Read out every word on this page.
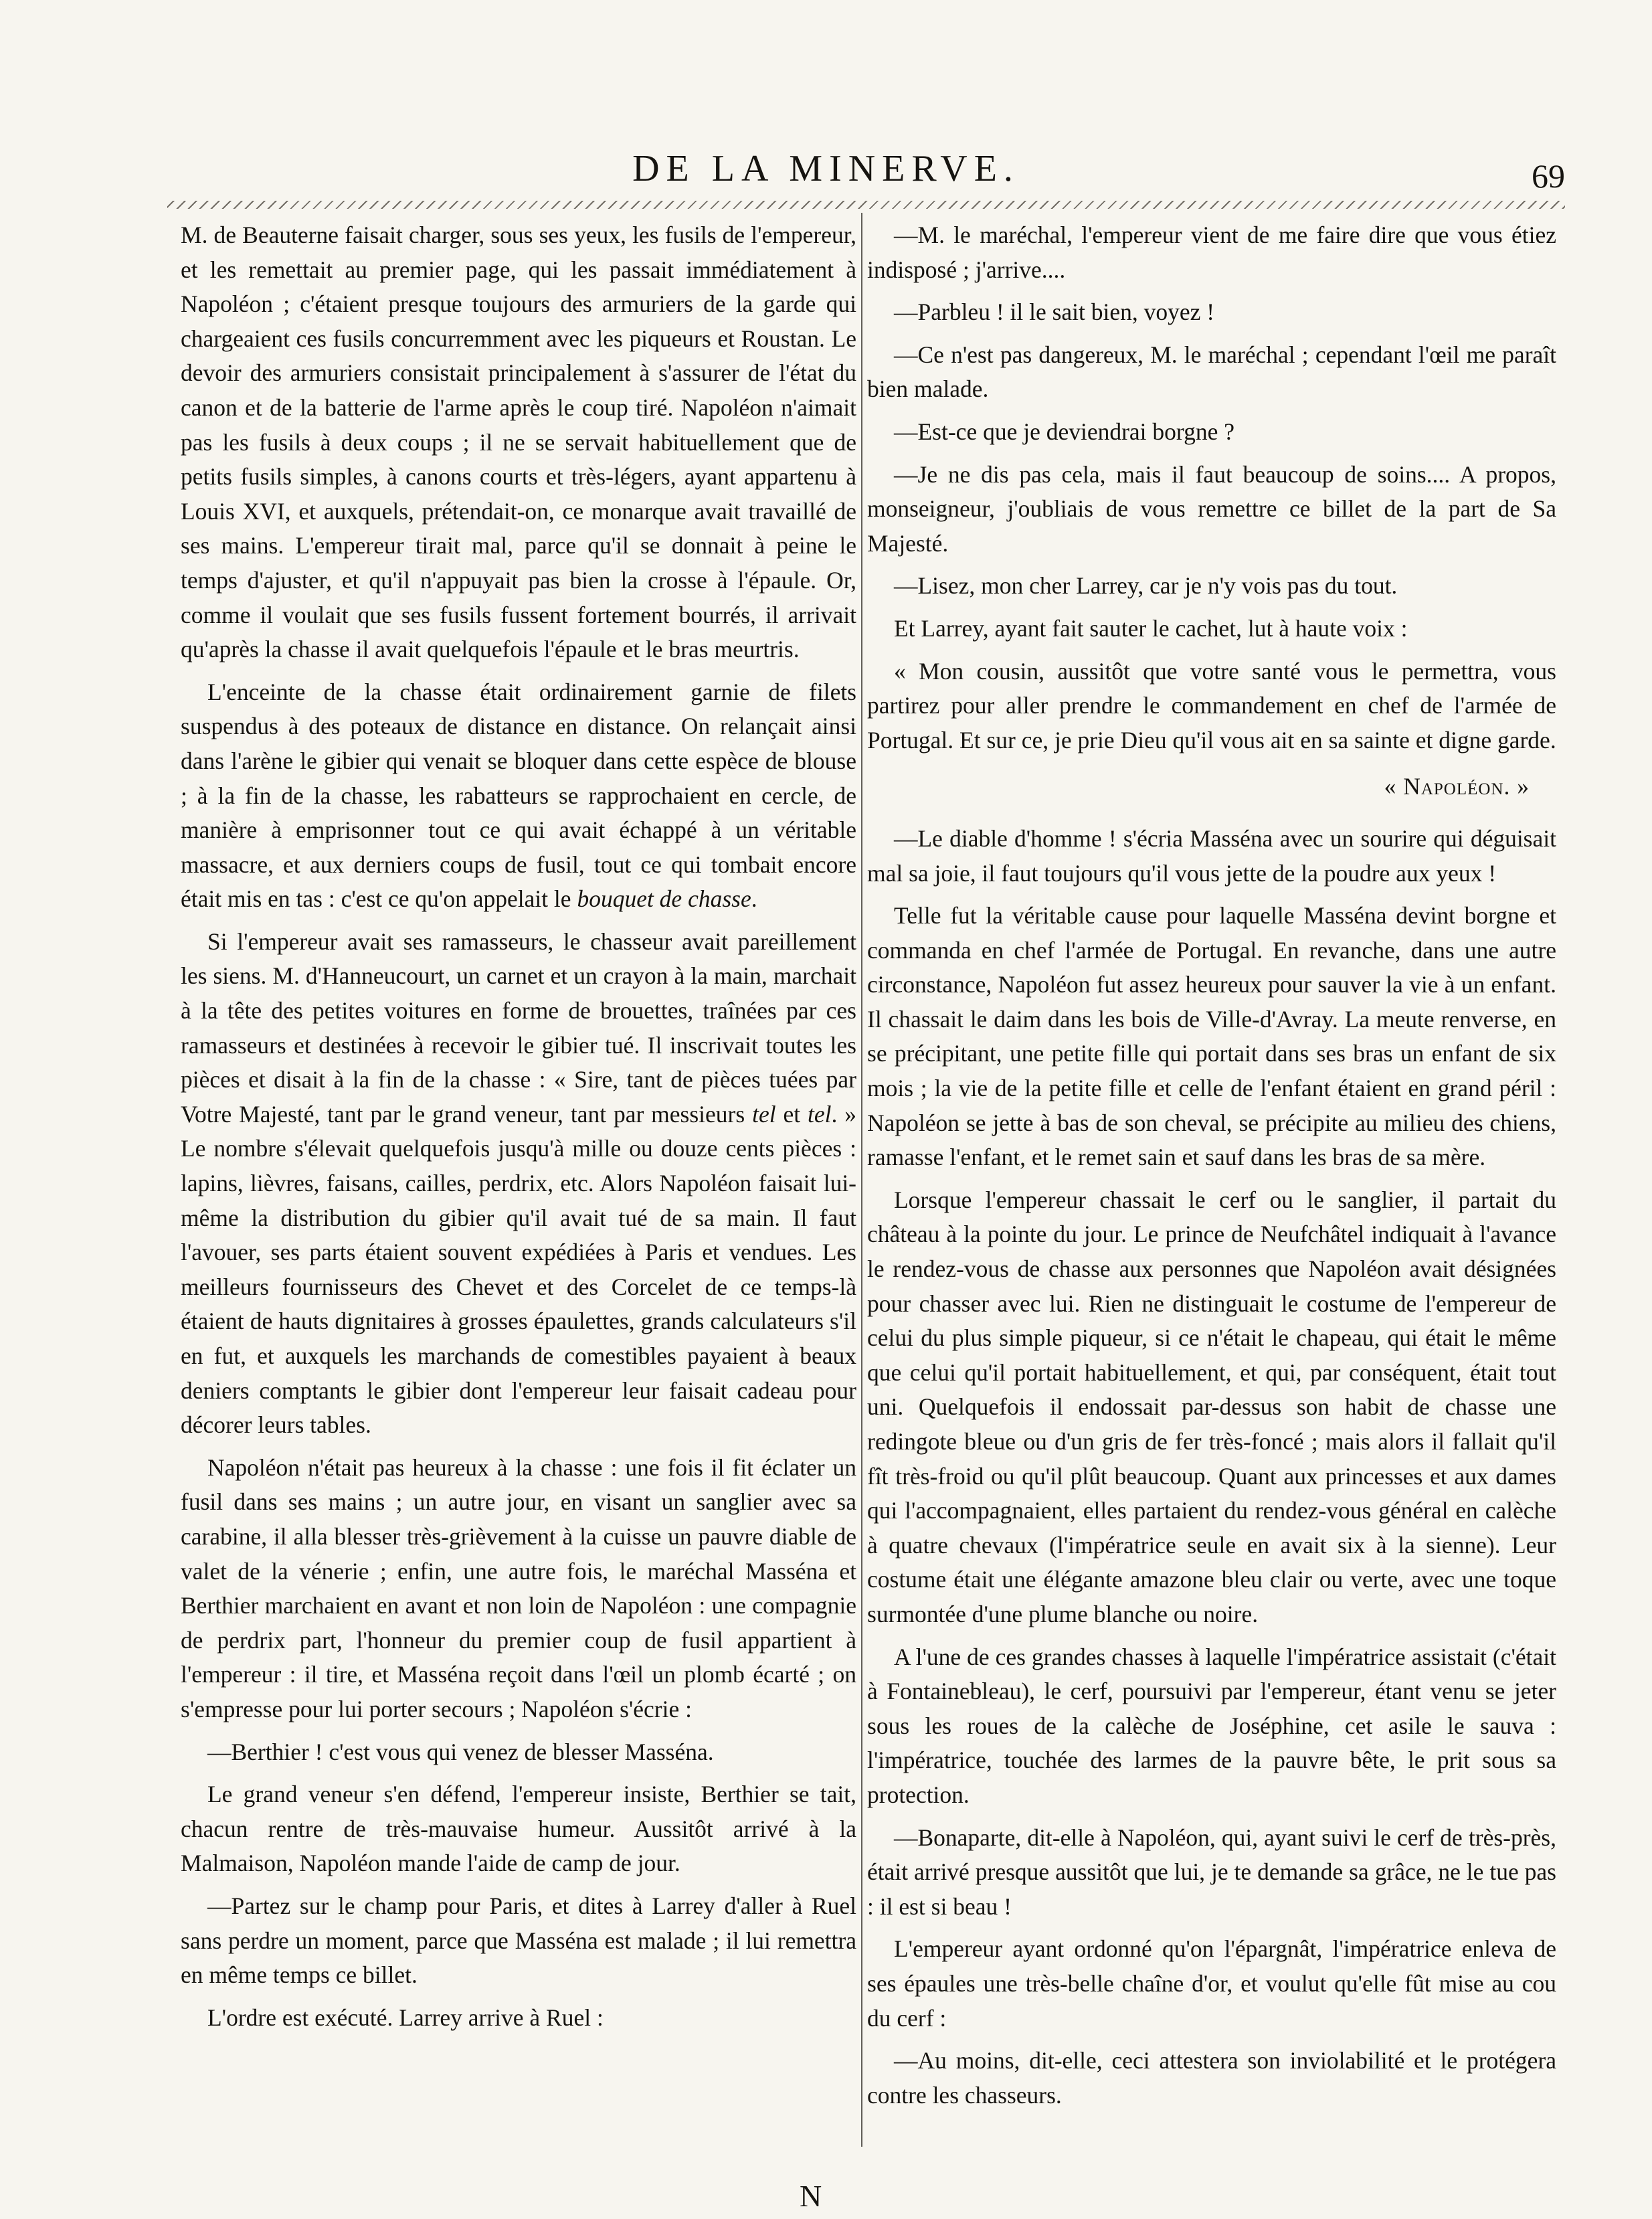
DE LA MINERVE.	69

M. de Beauterne faisait charger, sous ses yeux, les fusils de l'empereur, et les remettait au premier page, qui les passait immédiatement à Napoléon ; c'étaient presque toujours des armuriers de la garde qui chargeaient ces fusils concurremment avec les piqueurs et Roustan. Le devoir des armuriers consistait principalement à s'assurer de l'état du canon et de la batterie de l'arme après le coup tiré. Napoléon n'aimait pas les fusils à deux coups ; il ne se servait habituellement que de petits fusils simples, à canons courts et très-légers, ayant appartenu à Louis XVI, et auxquels, prétendait-on, ce monarque avait travaillé de ses mains. L'empereur tirait mal, parce qu'il se donnait à peine le temps d'ajuster, et qu'il n'appuyait pas bien la crosse à l'épaule. Or, comme il voulait que ses fusils fussent fortement bourrés, il arrivait qu'après la chasse il avait quelquefois l'épaule et le bras meurtris.

L'enceinte de la chasse était ordinairement garnie de filets suspendus à des poteaux de distance en distance. On relançait ainsi dans l'arène le gibier qui venait se bloquer dans cette espèce de blouse ; à la fin de la chasse, les rabatteurs se rapprochaient en cercle, de manière à emprisonner tout ce qui avait échappé à un véritable massacre, et aux derniers coups de fusil, tout ce qui tombait encore était mis en tas : c'est ce qu'on appelait le bouquet de chasse.

Si l'empereur avait ses ramasseurs, le chasseur avait pareillement les siens. M. d'Hanneucourt, un carnet et un crayon à la main, marchait à la tête des petites voitures en forme de brouettes, traînées par ces ramasseurs et destinées à recevoir le gibier tué. Il inscrivait toutes les pièces et disait à la fin de la chasse : « Sire, tant de pièces tuées par Votre Majesté, tant par le grand veneur, tant par messieurs tel et tel. » Le nombre s'élevait quelquefois jusqu'à mille ou douze cents pièces : lapins, lièvres, faisans, cailles, perdrix, etc. Alors Napoléon faisait lui-même la distribution du gibier qu'il avait tué de sa main. Il faut l'avouer, ses parts étaient souvent expédiées à Paris et vendues. Les meilleurs fournisseurs des Chevet et des Corcelet de ce temps-là étaient de hauts dignitaires à grosses épaulettes, grands calculateurs s'il en fut, et auxquels les marchands de comestibles payaient à beaux deniers comptants le gibier dont l'empereur leur faisait cadeau pour décorer leurs tables.

Napoléon n'était pas heureux à la chasse : une fois il fit éclater un fusil dans ses mains ; un autre jour, en visant un sanglier avec sa carabine, il alla blesser très-grièvement à la cuisse un pauvre diable de valet de la vénerie ; enfin, une autre fois, le maréchal Masséna et Berthier marchaient en avant et non loin de Napoléon : une compagnie de perdrix part, l'honneur du premier coup de fusil appartient à l'empereur : il tire, et Masséna reçoit dans l'œil un plomb écarté ; on s'empresse pour lui porter secours ; Napoléon s'écrie :

—Berthier ! c'est vous qui venez de blesser Masséna.

Le grand veneur s'en défend, l'empereur insiste, Berthier se tait, chacun rentre de très-mauvaise humeur. Aussitôt arrivé à la Malmaison, Napoléon mande l'aide de camp de jour.

—Partez sur le champ pour Paris, et dites à Larrey d'aller à Ruel sans perdre un moment, parce que Masséna est malade ; il lui remettra en même temps ce billet.

L'ordre est exécuté. Larrey arrive à Ruel :

—M. le maréchal, l'empereur vient de me faire dire que vous étiez indisposé ; j'arrive....

—Parbleu ! il le sait bien, voyez !

—Ce n'est pas dangereux, M. le maréchal ; cependant l'œil me paraît bien malade.

—Est-ce que je deviendrai borgne ?

—Je ne dis pas cela, mais il faut beaucoup de soins.... A propos, monseigneur, j'oubliais de vous remettre ce billet de la part de Sa Majesté.

—Lisez, mon cher Larrey, car je n'y vois pas du tout.

Et Larrey, ayant fait sauter le cachet, lut à haute voix :

« Mon cousin, aussitôt que votre santé vous le permettra, vous partirez pour aller prendre le commandement en chef de l'armée de Portugal. Et sur ce, je prie Dieu qu'il vous ait en sa sainte et digne garde.

« Napoléon. »

—Le diable d'homme ! s'écria Masséna avec un sourire qui déguisait mal sa joie, il faut toujours qu'il vous jette de la poudre aux yeux !

Telle fut la véritable cause pour laquelle Masséna devint borgne et commanda en chef l'armée de Portugal. En revanche, dans une autre circonstance, Napoléon fut assez heureux pour sauver la vie à un enfant. Il chassait le daim dans les bois de Ville-d'Avray. La meute renverse, en se précipitant, une petite fille qui portait dans ses bras un enfant de six mois ; la vie de la petite fille et celle de l'enfant étaient en grand péril : Napoléon se jette à bas de son cheval, se précipite au milieu des chiens, ramasse l'enfant, et le remet sain et sauf dans les bras de sa mère.

Lorsque l'empereur chassait le cerf ou le sanglier, il partait du château à la pointe du jour. Le prince de Neufchâtel indiquait à l'avance le rendez-vous de chasse aux personnes que Napoléon avait désignées pour chasser avec lui. Rien ne distinguait le costume de l'empereur de celui du plus simple piqueur, si ce n'était le chapeau, qui était le même que celui qu'il portait habituellement, et qui, par conséquent, était tout uni. Quelquefois il endossait par-dessus son habit de chasse une redingote bleue ou d'un gris de fer très-foncé ; mais alors il fallait qu'il fît très-froid ou qu'il plût beaucoup. Quant aux princesses et aux dames qui l'accompagnaient, elles partaient du rendez-vous général en calèche à quatre chevaux (l'impératrice seule en avait six à la sienne). Leur costume était une élégante amazone bleu clair ou verte, avec une toque surmontée d'une plume blanche ou noire.

A l'une de ces grandes chasses à laquelle l'impératrice assistait (c'était à Fontainebleau), le cerf, poursuivi par l'empereur, étant venu se jeter sous les roues de la calèche de Joséphine, cet asile le sauva : l'impératrice, touchée des larmes de la pauvre bête, le prit sous sa protection.

—Bonaparte, dit-elle à Napoléon, qui, ayant suivi le cerf de très-près, était arrivé presque aussitôt que lui, je te demande sa grâce, ne le tue pas : il est si beau !

L'empereur ayant ordonné qu'on l'épargnât, l'impératrice enleva de ses épaules une très-belle chaîne d'or, et voulut qu'elle fût mise au cou du cerf :

—Au moins, dit-elle, ceci attestera son inviolabilité et le protégera contre les chasseurs.

N
